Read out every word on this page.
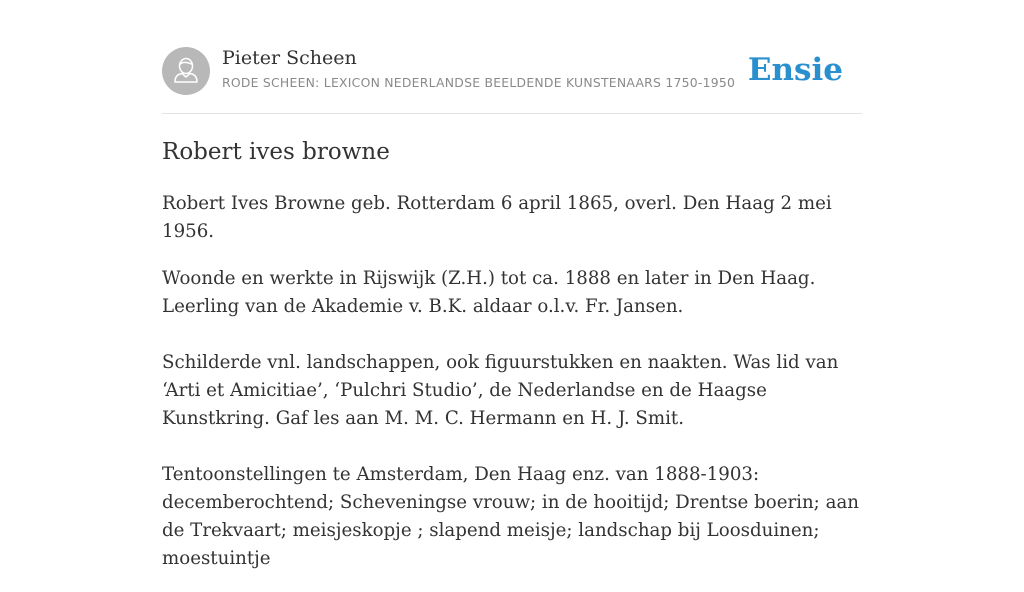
Pieter Scheen
RODE SCHEEN: LEXICON NEDERLANDSE BEELDENDE KUNSTENAARS 1750-1950 Ensie
Robert ives browne

Robert Ives Browne geb. Rotterdam 6 april 1865, overl. Den Haag 2 mei 1956.

Woonde en werkte in Rijswijk (Z.H.) tot ca. 1888 en later in Den Haag. Leerling van de Akademie v. B.K. aldaar o.l.v. Fr. Jansen.

Schilderde vnl. landschappen, ook figuurstukken en naakten. Was lid van ‘Arti et Amicitiae’, ‘Pulchri Studio’, de Nederlandse en de Haagse Kunstkring. Gaf les aan M. M. C. Hermann en H. J. Smit.

Tentoonstellingen te Amsterdam, Den Haag enz. van 1888-1903: decemberochtend; Scheveningse vrouw; in de hooitijd; Drentse boerin; aan de Trekvaart; meisjeskopje ; slapend meisje; landschap bij Loosduinen; moestuintje
